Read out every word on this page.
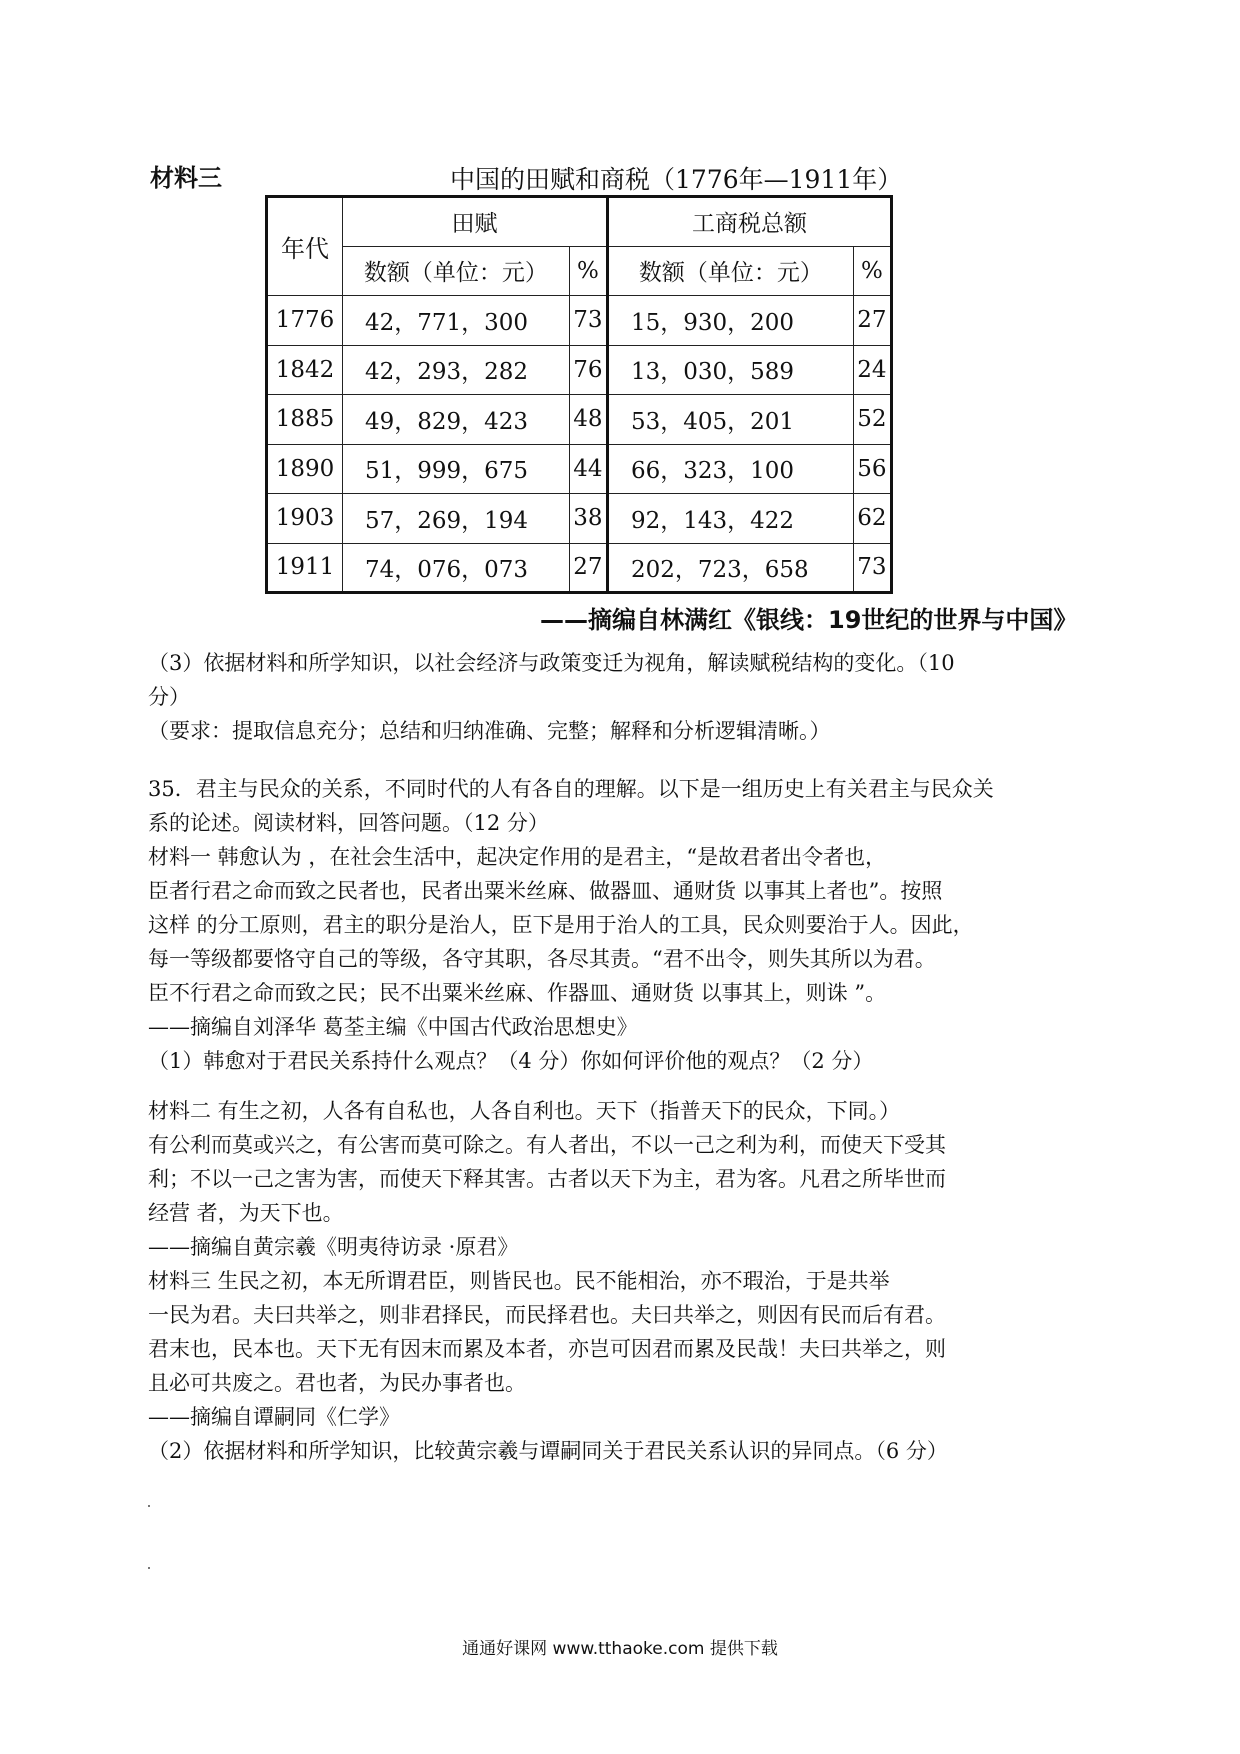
材料三	中国的田赋和商税（1776年—1911年）
年代	田赋		工商税总额	
	数额（单位：元）	%	数额（单位：元）	%
1776	42，771，300	73	15，930，200	27
1842	42，293，282	76	13，030，589	24
1885	49，829，423	48	53，405，201	52
1890	51，999，675	44	66，323，100	56
1903	57，269，194	38	92，143，422	62
1911	74，076，073	27	202，723，658	73
——摘编自林满红《银线：19世纪的世界与中国》

（3）依据材料和所学知识，以社会经济与政策变迁为视角，解读赋税结构的变化。（10

分）

（要求：提取信息充分；总结和归纳准确、完整；解释和分析逻辑清晰。）

35．君主与民众的关系，不同时代的人有各自的理解。以下是一组历史上有关君主与民众关

系的论述。阅读材料，回答问题。（12 分）

材料一 韩愈认为 ，在社会生活中，起决定作用的是君主，“是故君者出令者也，

臣者行君之命而致之民者也，民者出粟米丝麻、做器皿、通财货 以事其上者也”。按照

这样 的分工原则，君主的职分是治人，臣下是用于治人的工具，民众则要治于人。因此，

每一等级都要恪守自己的等级，各守其职，各尽其责。“君不出令，则失其所以为君。

臣不行君之命而致之民；民不出粟米丝麻、作器皿、通财货 以事其上，则诛 ”。

——摘编自刘泽华 葛荃主编《中国古代政治思想史》

（1）韩愈对于君民关系持什么观点？（4 分）你如何评价他的观点？（2 分）

材料二 有生之初，人各有自私也，人各自利也。天下（指普天下的民众，下同。）

有公利而莫或兴之，有公害而莫可除之。有人者出，不以一己之利为利，而使天下受其

利；不以一己之害为害，而使天下释其害。古者以天下为主，君为客。凡君之所毕世而

经营 者，为天下也。

——摘编自黄宗羲《明夷待访录 ·原君》

材料三 生民之初，本无所谓君臣，则皆民也。民不能相治，亦不瑕治，于是共举

一民为君。夫曰共举之，则非君择民，而民择君也。夫曰共举之，则因有民而后有君。

君末也，民本也。天下无有因末而累及本者，亦岂可因君而累及民哉！夫曰共举之，则

且必可共废之。君也者，为民办事者也。

——摘编自谭嗣同《仁学》

（2）依据材料和所学知识，比较黄宗羲与谭嗣同关于君民关系认识的异同点。（6 分）

通通好课网 www.tthaoke.com 提供下载
